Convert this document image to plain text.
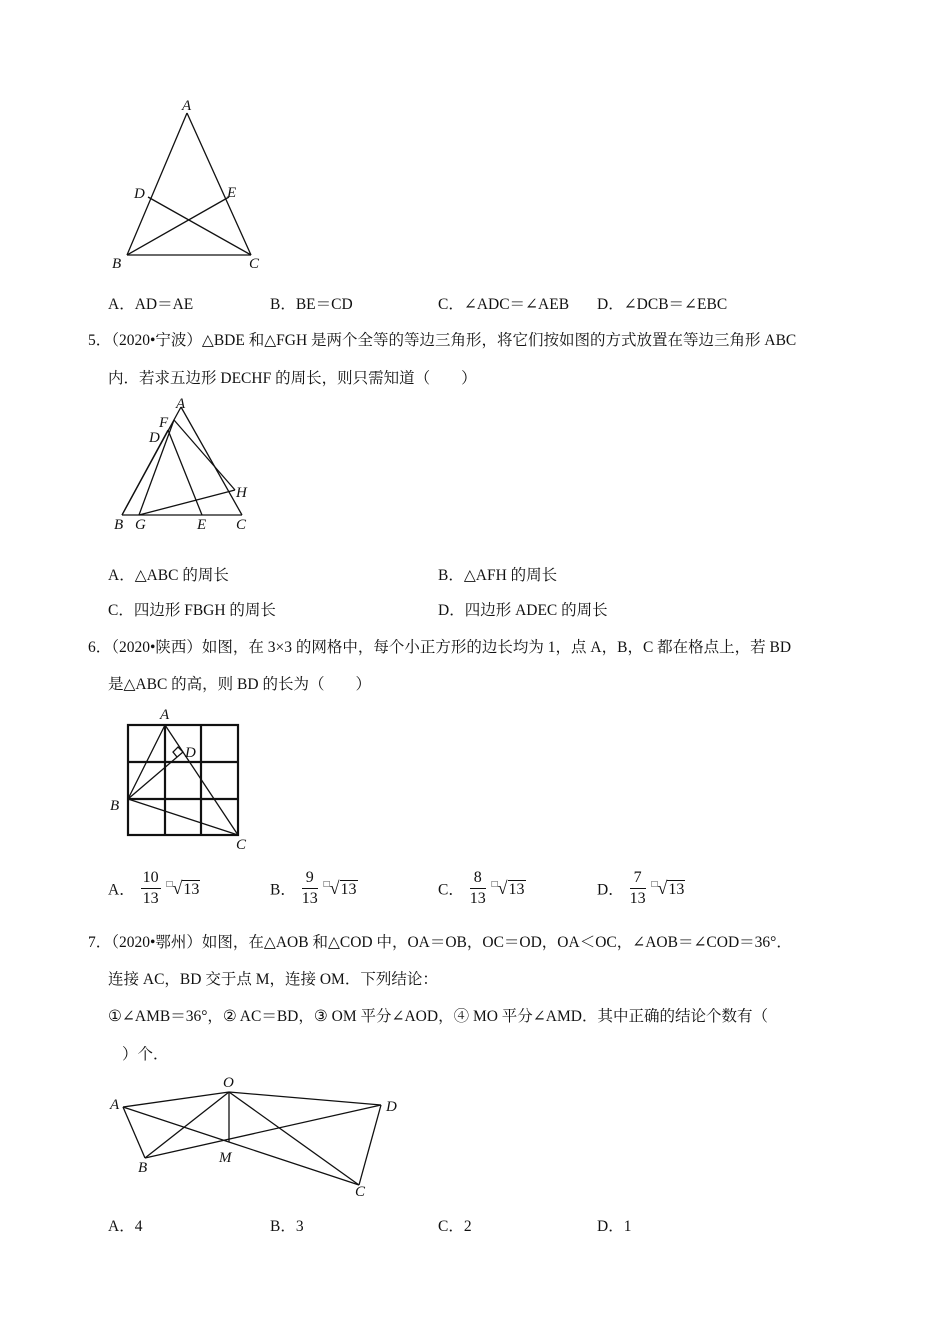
A
D	E
B	C
A．AD＝AE	B．BE＝CD	C．∠ADC＝∠AEB D．∠DCB＝∠EBC
5．（2020•宁波）△BDE 和△FGH 是两个全等的等边三角形，将它们按如图的方式放置在等边三角形 ABC
内．若求五边形 DECHF 的周长，则只需知道（　　）
A
F
D
H
B G	E C
A．△ABC 的周长	B．△AFH 的周长
C．四边形 FBGH 的周长	D．四边形 ADEC 的周长
6．（2020•陕西）如图，在 3×3 的网格中，每个小正方形的边长均为 1，点 A，B，C 都在格点上，若 BD
是△ABC 的高，则 BD 的长为（　　）
A
D
B
C
A． $\frac{10}{13} ^□√13$	B． $\frac{9}{13} ^□√13$	C． $\frac{8}{13} ^□√13$	D． $\frac{7}{13} ^□√13$
7．（2020•鄂州）如图，在△AOB 和△COD 中，OA＝OB，OC＝OD，OA＜OC，∠AOB＝∠COD＝36°．
连接 AC，BD 交于点 M，连接 OM．下列结论：
①∠AMB＝36°，② AC＝BD，③ OM 平分∠AOD，④ MO 平分∠AMD．其中正确的结论个数有（
）个．
A
O
D
B
M
C
A．4	B．3	C．2	D．1
